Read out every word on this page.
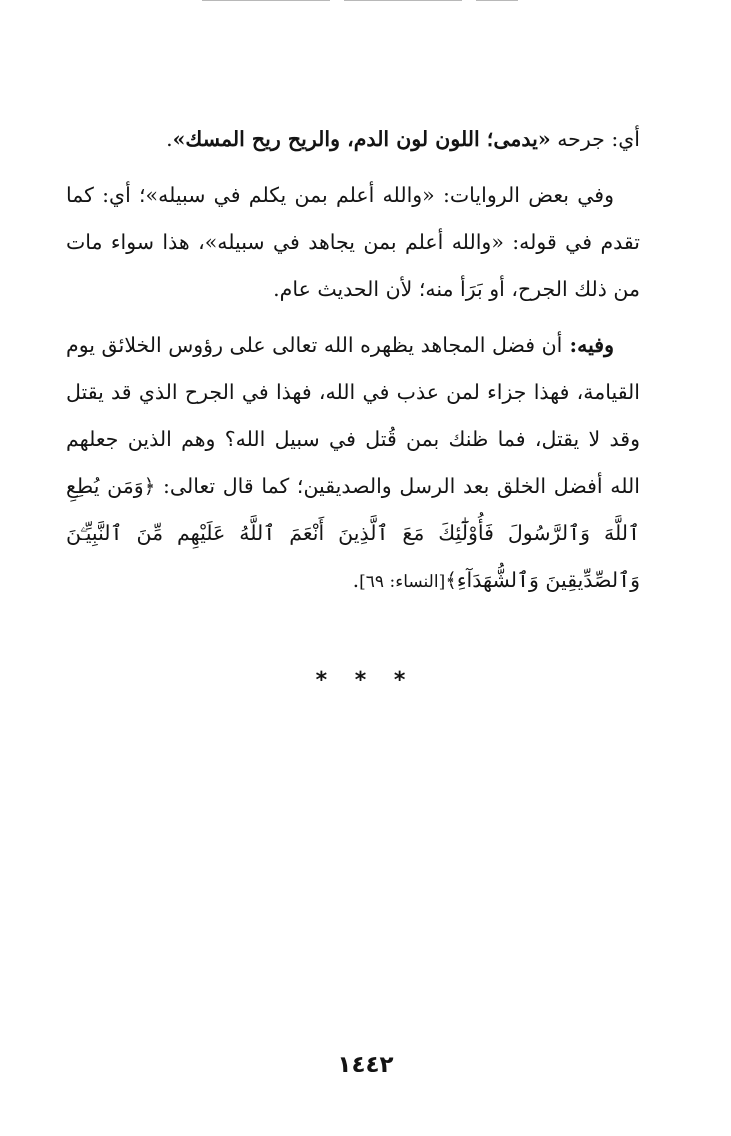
أي: جرحه «يدمى؛ اللون لون الدم، والريح ريح المسك».

وفي بعض الروايات: «والله أعلم بمن يكلم في سبيله»؛ أي: كما تقدم في قوله: «والله أعلم بمن يجاهد في سبيله»، هذا سواء مات من ذلك الجرح، أو بَرَأ منه؛ لأن الحديث عام.

وفيه: أن فضل المجاهد يظهره الله تعالى على رؤوس الخلائق يوم القيامة، فهذا جزاء لمن عذب في الله، فهذا في الجرح الذي قد يقتل وقد لا يقتل، فما ظنك بمن قُتل في سبيل الله؟ وهم الذين جعلهم الله أفضل الخلق بعد الرسل والصديقين؛ كما قال تعالى: ﴿وَمَن يُطِعِ ٱللَّهَ وَٱلرَّسُولَ فَأُوْلَٰٓئِكَ مَعَ ٱلَّذِينَ أَنْعَمَ ٱللَّهُ عَلَيْهِم مِّنَ ٱلنَّبِيِّـۧنَ وَٱلصِّدِّيقِينَ وَٱلشُّهَدَآءِ﴾[النساء: ٦٩].

* * *
١٤٤٢
